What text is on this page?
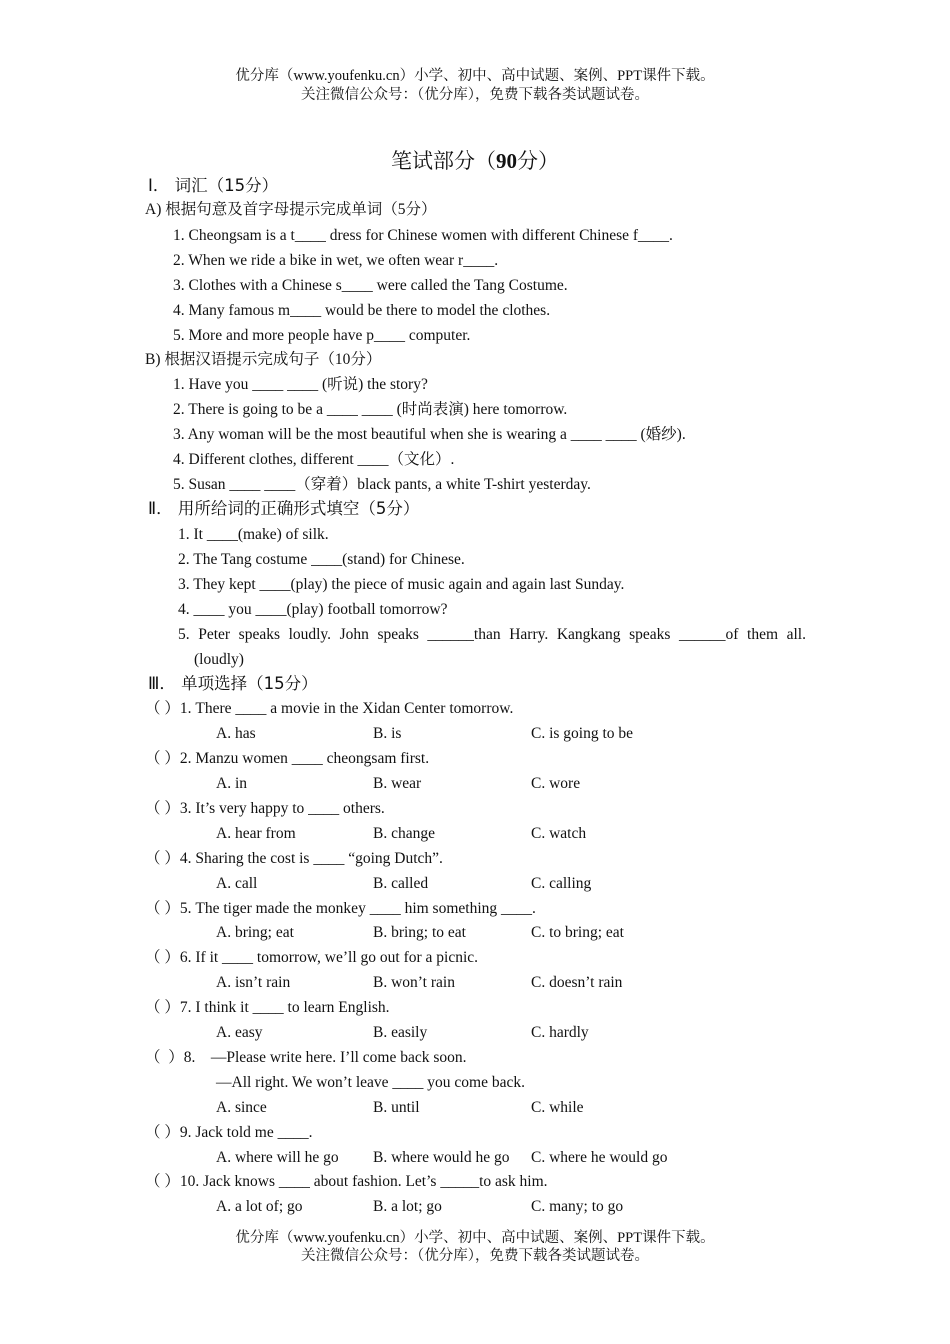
优分库（www.youfenku.cn）小学、初中、高中试题、案例、PPT课件下载。
关注微信公众号：（优分库），免费下载各类试题试卷。
笔试部分（90分）
Ⅰ． 词汇（15分）
A) 根据句意及首字母提示完成单词（5分）
1. Cheongsam is a t____ dress for Chinese women with different Chinese f____.
2. When we ride a bike in wet, we often wear r____.
3. Clothes with a Chinese s____ were called the Tang Costume.
4. Many famous m____ would be there to model the clothes.
5. More and more people have p____ computer.
B) 根据汉语提示完成句子（10分）
1. Have you ____ ____ (听说) the story?
2. There is going to be a ____ ____ (时尚表演) here tomorrow.
3. Any woman will be the most beautiful when she is wearing a ____ ____ (婚纱).
4. Different clothes, different ____（文化）.
5. Susan ____ ____（穿着）black pants, a white T-shirt yesterday.
Ⅱ． 用所给词的正确形式填空（5分）
1. It ____(make) of silk.
2. The Tang costume ____(stand) for Chinese.
3. They kept ____(play) the piece of music again and again last Sunday.
4. ____ you ____(play) football tomorrow?
5. Peter speaks loudly. John speaks ______than Harry. Kangkang speaks ______of them all.
(loudly)
Ⅲ． 单项选择（15分）
（ ）1. There ____ a movie in the Xidan Center tomorrow.
A. has	B. is	C. is going to be
（ ）2. Manzu women ____ cheongsam first.
A. in	B. wear	C. wore
（ ）3. It’s very happy to ____ others.
A. hear from	B. change	C. watch
（ ）4. Sharing the cost is ____ “going Dutch”.
A. call	B. called	C. calling
（ ）5. The tiger made the monkey ____ him something ____.
A. bring; eat	B. bring; to eat	C. to bring; eat
（ ）6. If it ____ tomorrow, we’ll go out for a picnic.
A. isn’t rain	B. won’t rain	C. doesn’t rain
（ ）7. I think it ____ to learn English.
A. easy	B. easily	C. hardly
（  ）8.    —Please write here. I’ll come back soon.
—All right. We won’t leave ____ you come back.
A. since	B. until	C. while
（ ）9. Jack told me ____.
A. where will he go B. where would he go C. where he would go
（ ）10. Jack knows ____ about fashion. Let’s _____to ask him.
A. a lot of; go	B. a lot; go	C. many; to go
优分库（www.youfenku.cn）小学、初中、高中试题、案例、PPT课件下载。
关注微信公众号：（优分库），免费下载各类试题试卷。
